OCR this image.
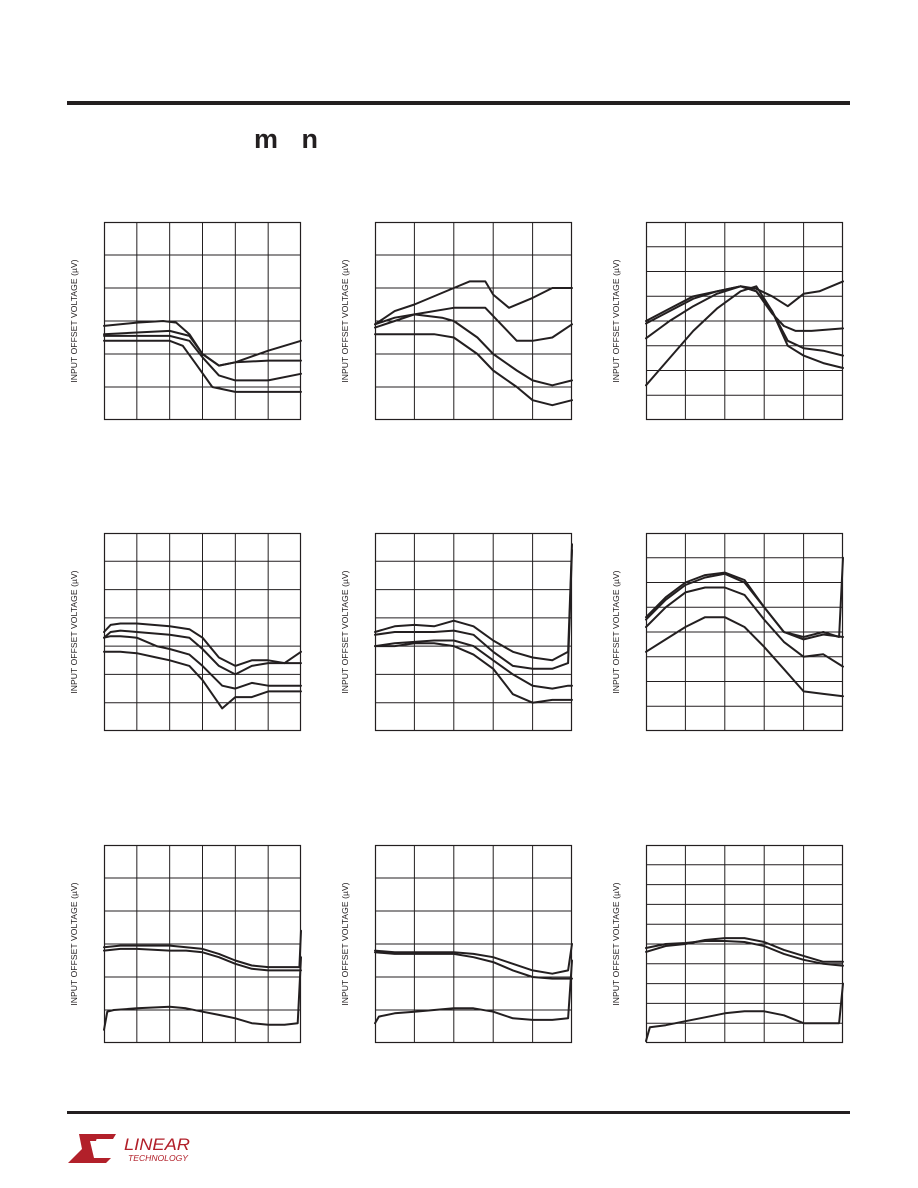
m n
INPUT OFFSET VOLTAGE (µV)	INPUT OFFSET VOLTAGE (µV)	INPUT OFFSET VOLTAGE (µV)
INPUT OFFSET VOLTAGE (µV)	INPUT OFFSET VOLTAGE (µV)	INPUT OFFSET VOLTAGE (µV)
INPUT OFFSET VOLTAGE (µV)	INPUT OFFSET VOLTAGE (µV)	INPUT OFFSET VOLTAGE (µV)
LINEAR
TECHNOLOGY
